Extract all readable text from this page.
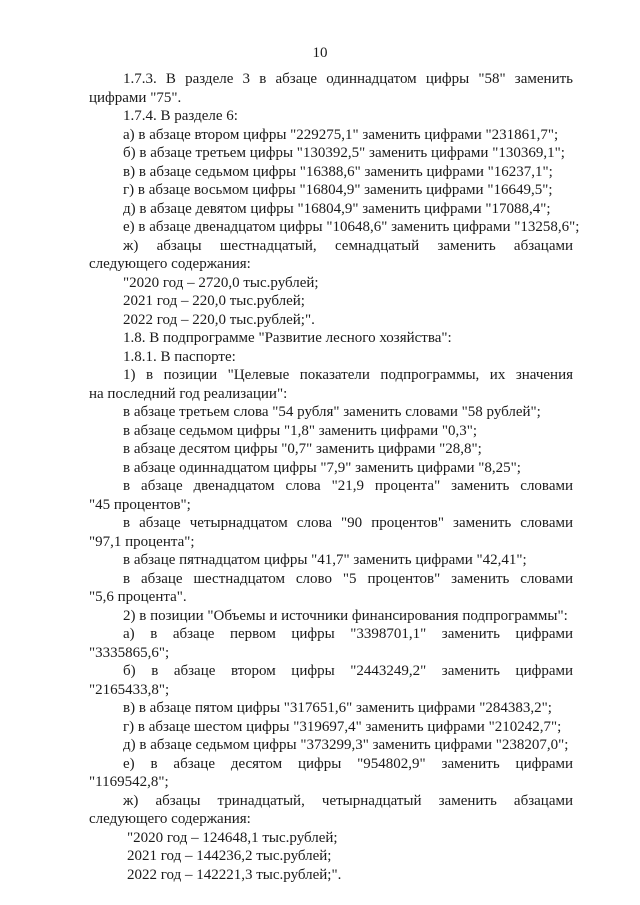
10
1.7.3. В разделе 3 в абзаце одиннадцатом цифры "58" заменить
цифрами "75".
1.7.4. В разделе 6:
а) в абзаце втором цифры "229275,1" заменить цифрами "231861,7";
б) в абзаце третьем цифры "130392,5" заменить цифрами "130369,1";
в) в абзаце седьмом цифры "16388,6" заменить цифрами "16237,1";
г) в абзаце восьмом цифры "16804,9" заменить цифрами "16649,5";
д) в абзаце девятом цифры "16804,9" заменить цифрами "17088,4";
е) в абзаце двенадцатом цифры "10648,6" заменить цифрами "13258,6";
ж) абзацы шестнадцатый, семнадцатый заменить абзацами
следующего содержания:
"2020 год – 2720,0 тыс.рублей;
2021 год – 220,0 тыс.рублей;
2022 год – 220,0 тыс.рублей;".
1.8. В подпрограмме "Развитие лесного хозяйства":
1.8.1. В паспорте:
1) в позиции "Целевые показатели подпрограммы, их значения
на последний год реализации":
в абзаце третьем слова "54 рубля" заменить словами "58 рублей";
в абзаце седьмом цифры "1,8" заменить цифрами "0,3";
в абзаце десятом цифры "0,7" заменить цифрами "28,8";
в абзаце одиннадцатом цифры "7,9" заменить цифрами "8,25";
в абзаце двенадцатом слова "21,9 процента" заменить словами
"45 процентов";
в абзаце четырнадцатом слова "90 процентов" заменить словами
"97,1 процента";
в абзаце пятнадцатом цифры "41,7" заменить цифрами "42,41";
в абзаце шестнадцатом слово "5 процентов" заменить словами
"5,6 процента".
2) в позиции "Объемы и источники финансирования подпрограммы":
а) в абзаце первом цифры "3398701,1" заменить цифрами
"3335865,6";
б) в абзаце втором цифры "2443249,2" заменить цифрами
"2165433,8";
в) в абзаце пятом цифры "317651,6" заменить цифрами "284383,2";
г) в абзаце шестом цифры "319697,4" заменить цифрами "210242,7";
д) в абзаце седьмом цифры "373299,3" заменить цифрами "238207,0";
е) в абзаце десятом цифры "954802,9" заменить цифрами
"1169542,8";
ж) абзацы тринадцатый, четырнадцатый заменить абзацами
следующего содержания:
"2020 год – 124648,1 тыс.рублей;
2021 год – 144236,2 тыс.рублей;
2022 год – 142221,3 тыс.рублей;".
